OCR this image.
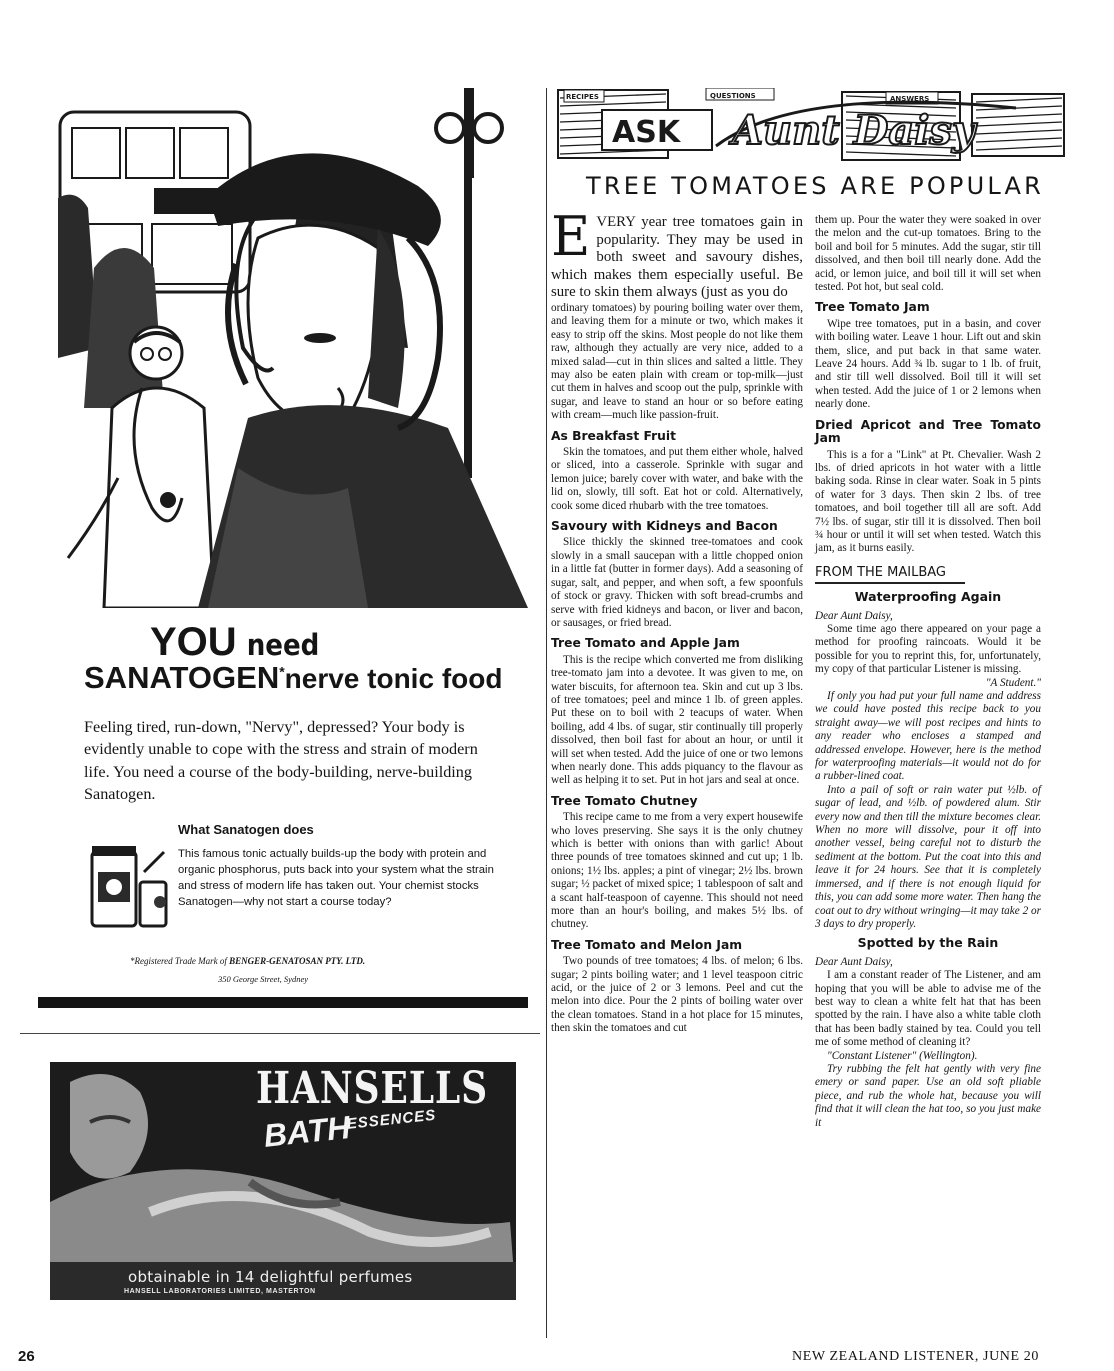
YOU need
SANATOGEN*nerve tonic food
Feeling tired, run-down, "Nervy", depressed? Your body is evidently unable to cope with the stress and strain of modern life. You need a course of the body-building, nerve-building Sanatogen.
What Sanatogen does
This famous tonic actually builds-up the body with protein and organic phosphorus, puts back into your system what the strain and stress of modern life has taken out. Your chemist stocks Sanatogen—why not start a course today?
*Registered Trade Mark of BENGER-GENATOSAN PTY. LTD.
350 George Street, Sydney
HANSELLS
BATH
ESSENCES
obtainable in 14 delightful perfumes
HANSELL LABORATORIES LIMITED, MASTERTON
26	NEW ZEALAND LISTENER, JUNE 20
RECIPES	QUESTIONS	ANSWERS
ASK Aunt Daisy
TREE TOMATOES ARE POPULAR

EVERY year tree tomatoes gain in popularity. They may be used in both sweet and savoury dishes, which makes them especially useful. Be sure to skin them always (just as you do

ordinary tomatoes) by pouring boiling water over them, and leaving them for a minute or two, which makes it easy to strip off the skins. Most people do not like them raw, although they actually are very nice, added to a mixed salad—cut in thin slices and salted a little. They may also be eaten plain with cream or top-milk—just cut them in halves and scoop out the pulp, sprinkle with sugar, and leave to stand an hour or so before eating with cream—much like passion-fruit.

As Breakfast Fruit

Skin the tomatoes, and put them either whole, halved or sliced, into a casserole. Sprinkle with sugar and lemon juice; barely cover with water, and bake with the lid on, slowly, till soft. Eat hot or cold. Alternatively, cook some diced rhubarb with the tree tomatoes.

Savoury with Kidneys and Bacon

Slice thickly the skinned tree-tomatoes and cook slowly in a small saucepan with a little chopped onion in a little fat (butter in former days). Add a seasoning of sugar, salt, and pepper, and when soft, a few spoonfuls of stock or gravy. Thicken with soft bread-crumbs and serve with fried kidneys and bacon, or liver and bacon, or sausages, or fried bread.

Tree Tomato and Apple Jam

This is the recipe which converted me from disliking tree-tomato jam into a devotee. It was given to me, on water biscuits, for afternoon tea. Skin and cut up 3 lbs. of tree tomatoes; peel and mince 1 lb. of green apples. Put these on to boil with 2 teacups of water. When boiling, add 4 lbs. of sugar, stir continually till properly dissolved, then boil fast for about an hour, or until it will set when tested. Add the juice of one or two lemons when nearly done. This adds piquancy to the flavour as well as helping it to set. Put in hot jars and seal at once.

Tree Tomato Chutney

This recipe came to me from a very expert housewife who loves preserving. She says it is the only chutney which is better with onions than with garlic! About three pounds of tree tomatoes skinned and cut up; 1 lb. onions; 1½ lbs. apples; a pint of vinegar; 2½ lbs. brown sugar; ½ packet of mixed spice; 1 tablespoon of salt and a scant half-teaspoon of cayenne. This should not need more than an hour's boiling, and makes 5½ lbs. of chutney.

Tree Tomato and Melon Jam

Two pounds of tree tomatoes; 4 lbs. of melon; 6 lbs. sugar; 2 pints boiling water; and 1 level teaspoon citric acid, or the juice of 2 or 3 lemons. Peel and cut the melon into dice. Pour the 2 pints of boiling water over the clean tomatoes. Stand in a hot place for 15 minutes, then skin the tomatoes and cut

them up. Pour the water they were soaked in over the melon and the cut-up tomatoes. Bring to the boil and boil for 5 minutes. Add the sugar, stir till dissolved, and then boil till nearly done. Add the acid, or lemon juice, and boil till it will set when tested. Pot hot, but seal cold.

Tree Tomato Jam

Wipe tree tomatoes, put in a basin, and cover with boiling water. Leave 1 hour. Lift out and skin them, slice, and put back in that same water. Leave 24 hours. Add ¾ lb. sugar to 1 lb. of fruit, and stir till well dissolved. Boil till it will set when tested. Add the juice of 1 or 2 lemons when nearly done.

Dried Apricot and Tree Tomato Jam

This is a for a "Link" at Pt. Chevalier. Wash 2 lbs. of dried apricots in hot water with a little baking soda. Rinse in clear water. Soak in 5 pints of water for 3 days. Then skin 2 lbs. of tree tomatoes, and boil together till all are soft. Add 7½ lbs. of sugar, stir till it is dissolved. Then boil ¾ hour or until it will set when tested. Watch this jam, as it burns easily.

FROM THE MAILBAG
Waterproofing Again

Dear Aunt Daisy,

Some time ago there appeared on your page a method for proofing raincoats. Would it be possible for you to reprint this, for, unfortunately, my copy of that particular Listener is missing.

"A Student."

If only you had put your full name and address we could have posted this recipe back to you straight away—we will post recipes and hints to any reader who encloses a stamped and addressed envelope. However, here is the method for waterproofing materials—it would not do for a rubber-lined coat.

Into a pail of soft or rain water put ½lb. of sugar of lead, and ½lb. of powdered alum. Stir every now and then till the mixture becomes clear. When no more will dissolve, pour it off into another vessel, being careful not to disturb the sediment at the bottom. Put the coat into this and leave it for 24 hours. See that it is completely immersed, and if there is not enough liquid for this, you can add some more water. Then hang the coat out to dry without wringing—it may take 2 or 3 days to dry properly.

Spotted by the Rain

Dear Aunt Daisy,

I am a constant reader of The Listener, and am hoping that you will be able to advise me of the best way to clean a white felt hat that has been spotted by the rain. I have also a white table cloth that has been badly stained by tea. Could you tell me of some method of cleaning it?

"Constant Listener" (Wellington).

Try rubbing the felt hat gently with very fine emery or sand paper. Use an old soft pliable piece, and rub the whole hat, because you will find that it will clean the hat too, so you just make it
